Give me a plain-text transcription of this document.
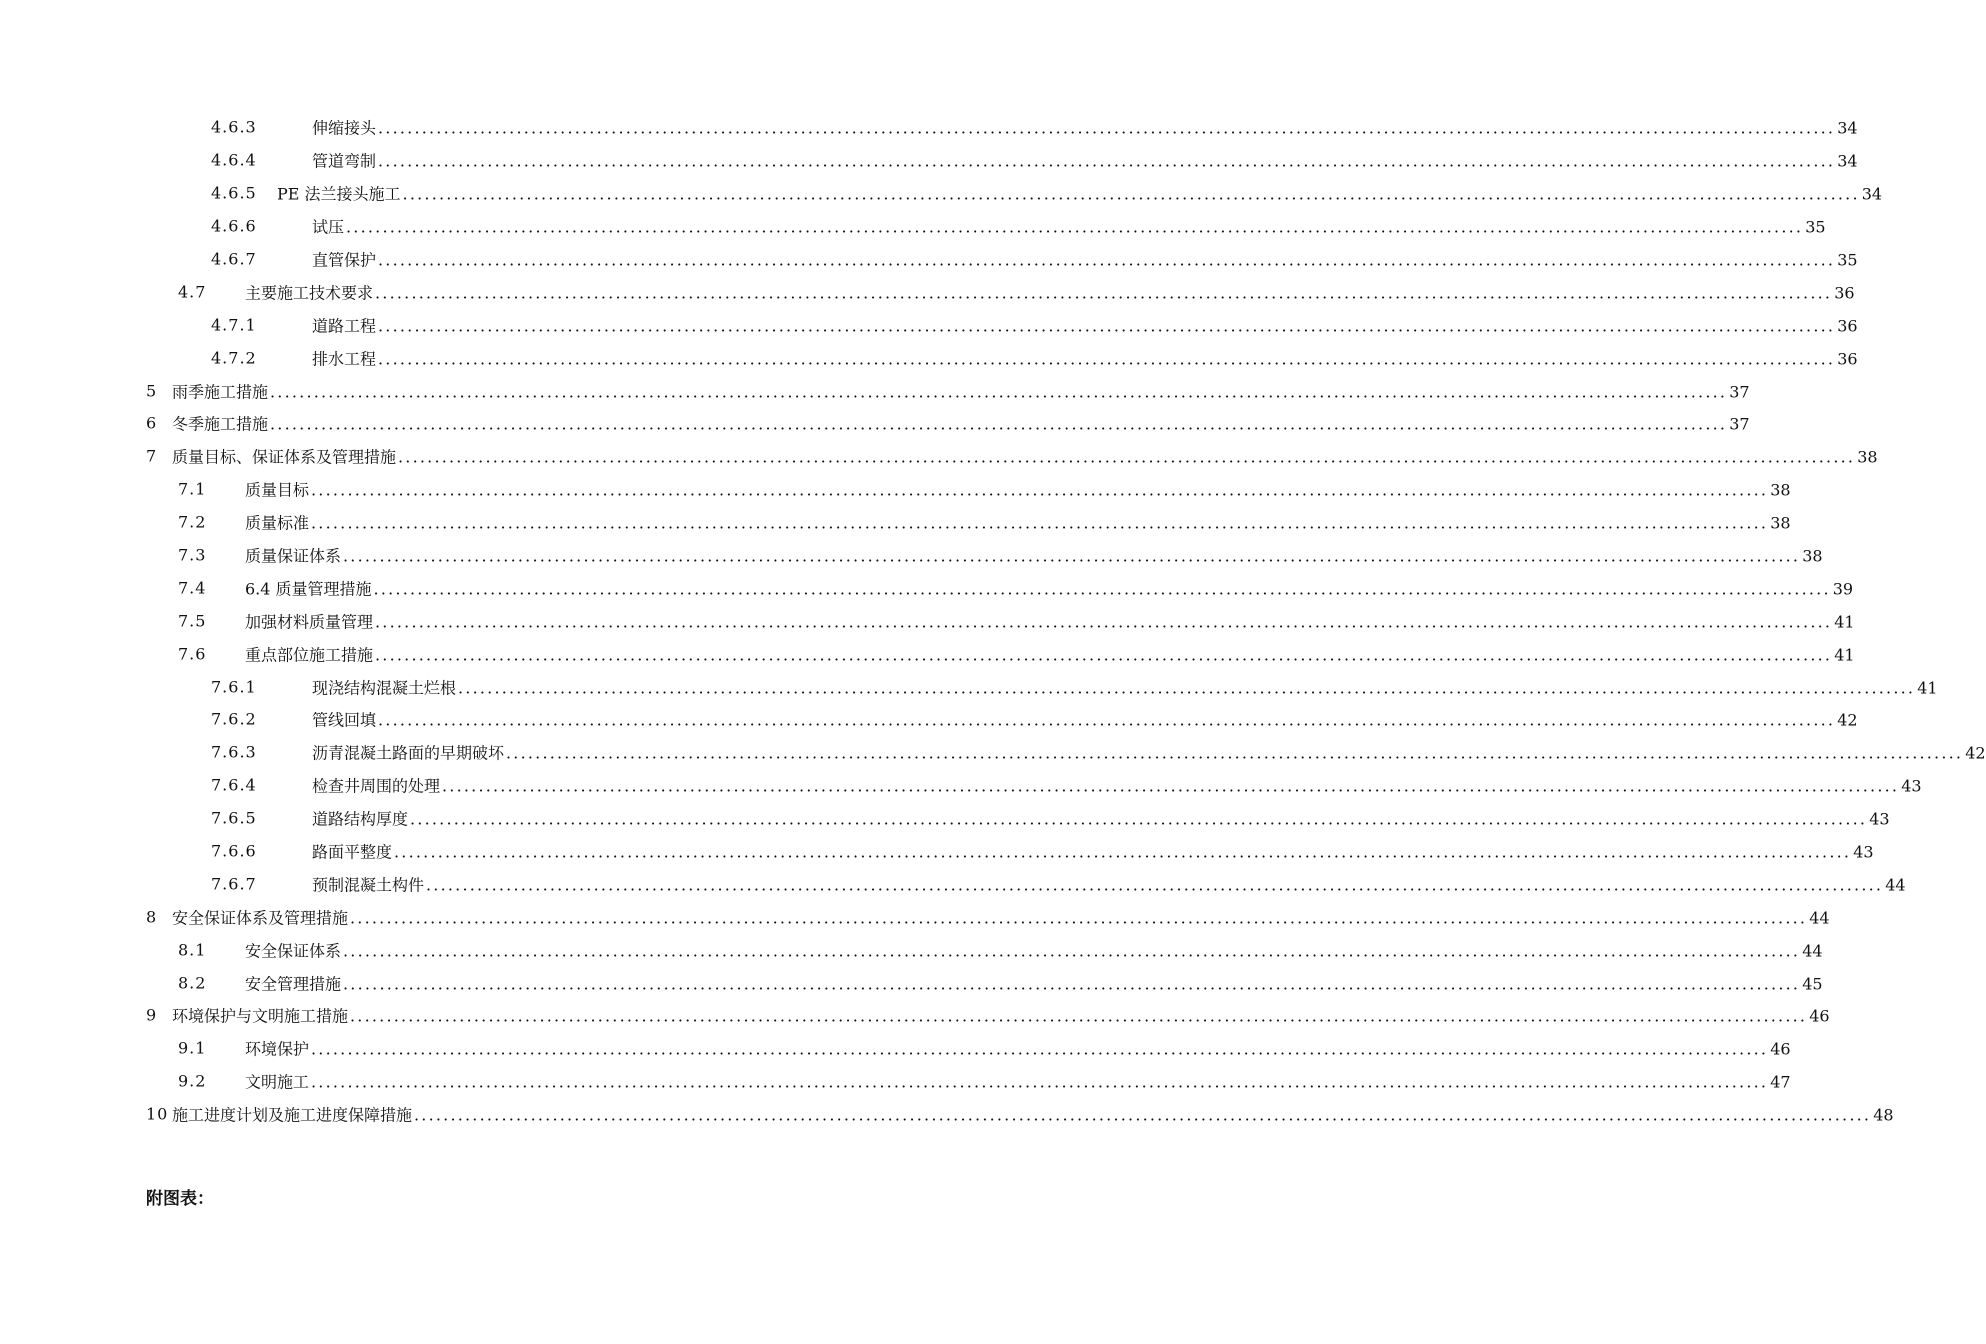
4.6.3	伸缩接头 ........................................................................................................................................................................................................ 34
4.6.4	管道弯制 ........................................................................................................................................................................................................ 34
4.6.5 PE 法兰接头施工 ........................................................................................................................................................................................................ 34
4.6.6	试压 ........................................................................................................................................................................................................ 35
4.6.7	直管保护 ........................................................................................................................................................................................................ 35
4.7 主要施工技术要求 ........................................................................................................................................................................................................ 36
4.7.1	道路工程 ........................................................................................................................................................................................................ 36
4.7.2	排水工程 ........................................................................................................................................................................................................ 36
5 雨季施工措施 ........................................................................................................................................................................................................ 37
6 冬季施工措施 ........................................................................................................................................................................................................ 37
7 质量目标、保证体系及管理措施 ........................................................................................................................................................................................................ 38
7.1 质量目标 ........................................................................................................................................................................................................ 38
7.2 质量标准 ........................................................................................................................................................................................................ 38
7.3 质量保证体系 ........................................................................................................................................................................................................ 38
7.4 6.4 质量管理措施 ........................................................................................................................................................................................................ 39
7.5 加强材料质量管理 ........................................................................................................................................................................................................ 41
7.6 重点部位施工措施 ........................................................................................................................................................................................................ 41
7.6.1	现浇结构混凝土烂根 ........................................................................................................................................................................................................ 41
7.6.2	管线回填 ........................................................................................................................................................................................................ 42
7.6.3	沥青混凝土路面的早期破坏 ........................................................................................................................................................................................................ 42
7.6.4	检查井周围的处理 ........................................................................................................................................................................................................ 43
7.6.5	道路结构厚度 ........................................................................................................................................................................................................ 43
7.6.6	路面平整度 ........................................................................................................................................................................................................ 43
7.6.7	预制混凝土构件 ........................................................................................................................................................................................................ 44
8 安全保证体系及管理措施 ........................................................................................................................................................................................................ 44
8.1 安全保证体系 ........................................................................................................................................................................................................ 44
8.2 安全管理措施 ........................................................................................................................................................................................................ 45
9 环境保护与文明施工措施 ........................................................................................................................................................................................................ 46
9.1 环境保护 ........................................................................................................................................................................................................ 46
9.2 文明施工 ........................................................................................................................................................................................................ 47
10 施工进度计划及施工进度保障措施 ........................................................................................................................................................................................................ 48
附图表：
